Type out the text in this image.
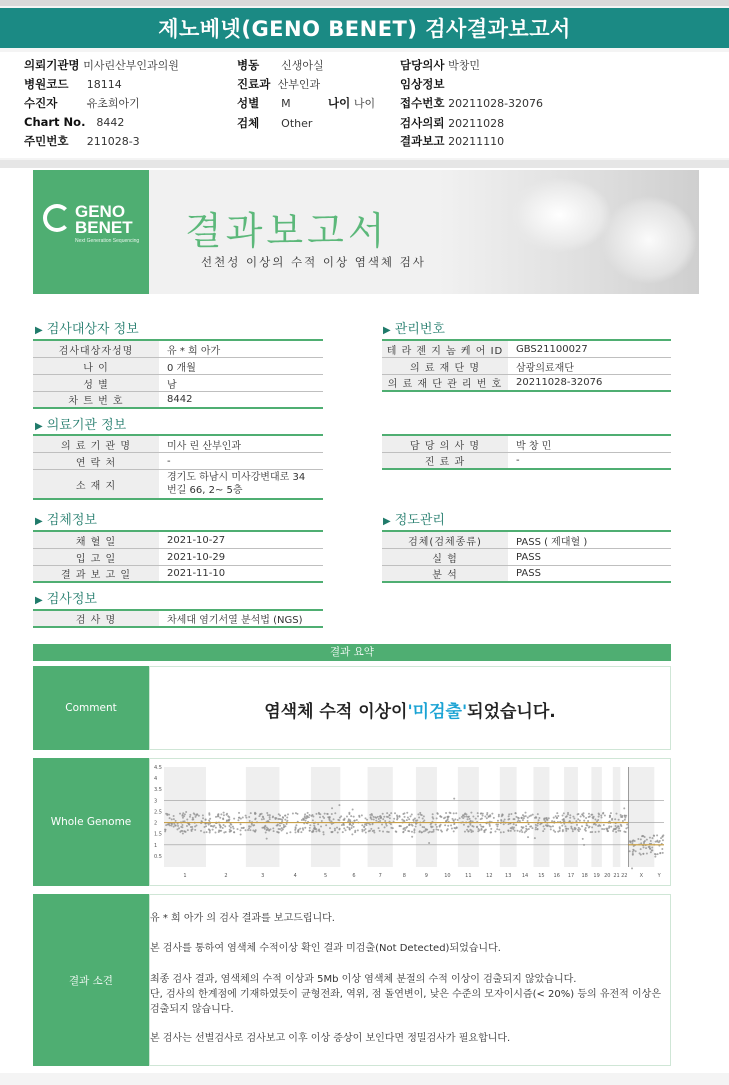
제노베넷(GENO BENET) 검사결과보고서
의뢰기관명 미사린산부인과의원
병원코드 18114
수진자	유초희아기
Chart No. 8442
주민번호 211028-3
병동 신생아실
진료과 산부인과
성별 M	나이 나이
검체 Other
담당의사 박창민
임상정보
접수번호 20211028-32076
검사의뢰 20211028
결과보고 20211110
GENO
BENET
Next Generation Sequencing 결과보고서
선천성 이상의 수적 이상 염색체 검사
▶ 검사대상자 정보
검사대상자성명	유 * 희 아가
나 이	0 개월
성 별	남
차 트 번 호	8442
▶ 관리번호
테 라 젠 지 놈 케 어 ID	GBS21100027
의 료 재 단 명	삼광의료재단
의 료 재 단 관 리 번 호	20211028-32076
▶ 의료기관 정보
의 료 기 관 명	미사 린 산부인과
연 락 처	-
소 재 지
경기도 하남시 미사강변대로 34 번길 66, 2~ 5층
담 당 의 사 명	박 창 민
진 료 과	-
▶ 검체정보
채 혈 일	2021-10-27
입 고 일	2021-10-29
결 과 보 고 일	2021-11-10
▶ 정도관리
검체(검체종류)	PASS ( 제대혈 )
실 험	PASS
분 석	PASS
▶ 검사정보
검 사 명	차세대 염기서열 분석법 (NGS)
결과 요약
Comment	염색체 수적 이상이 '미검출' 되었습니다.
Whole Genome
0.5
1
1.5
2
2.5
3
3.5
4
4.5
1	2	3	4	5	6	7	8	9	10	11	12	13 14 15 16 17 18 19 20 21 22 X	Y
결과 소견

유 * 희 아가 의 검사 결과를 보고드립니다.

본 검사를 통하여 염색체 수적이상 확인 결과 미검출(Not Detected)되었습니다.

최종 검사 결과, 염색체의 수적 이상과 5Mb 이상 염색체 분절의 수적 이상이 검출되지 않았습니다.

단, 검사의 한계점에 기재하였듯이 균형전좌, 역위, 점 돌연변이, 낮은 수준의 모자이시즘(< 20%) 등의 유전적 이상은 검출되지 않습니다.

본 검사는 선별검사로 검사보고 이후 이상 증상이 보인다면 정밀검사가 필요합니다.
